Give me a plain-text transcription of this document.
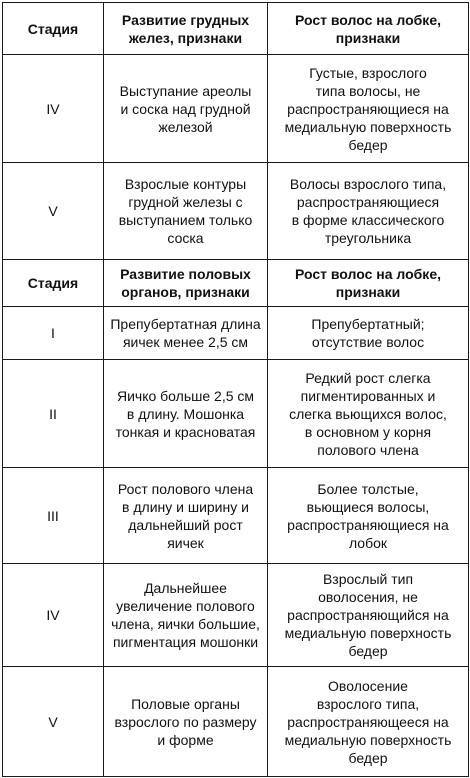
Стадия	Развитие грудных
желез, признаки	Рост волос на лобке,
признаки

IV	Выступание ареолы
и соска над грудной
железой	Густые, взрослого
типа волосы, не
распространяющиеся на
медиальную поверхность
бедер

V	Взрослые контуры
грудной железы с
выступанием только
соска	Волосы взрослого типа,
распространяющиеся
в форме классического
треугольника

Стадия	Развитие половых
органов, признаки	Рост волос на лобке,
признаки

I	Препубертатная длина
яичек менее 2,5 см	Препубертатный;
отсутствие волос

II	Яичко больше 2,5 см
в длину. Мошонка
тонкая и красноватая	Редкий рост слегка
пигментированных и
слегка вьющихся волос,
в основном у корня
полового члена

III	Рост полового члена
в длину и ширину и
дальнейший рост
яичек	Более толстые,
вьющиеся волосы,
распространяющиеся на
лобок

IV	Дальнейшее
увеличение полового
члена, яички большие,
пигментация мошонки	Взрослый тип
оволосения, не
распространяющийся на
медиальную поверхность
бедер

V	Половые органы
взрослого по размеру
и форме	Оволосение
взрослого типа,
распространяющееся на
медиальную поверхность
бедер
